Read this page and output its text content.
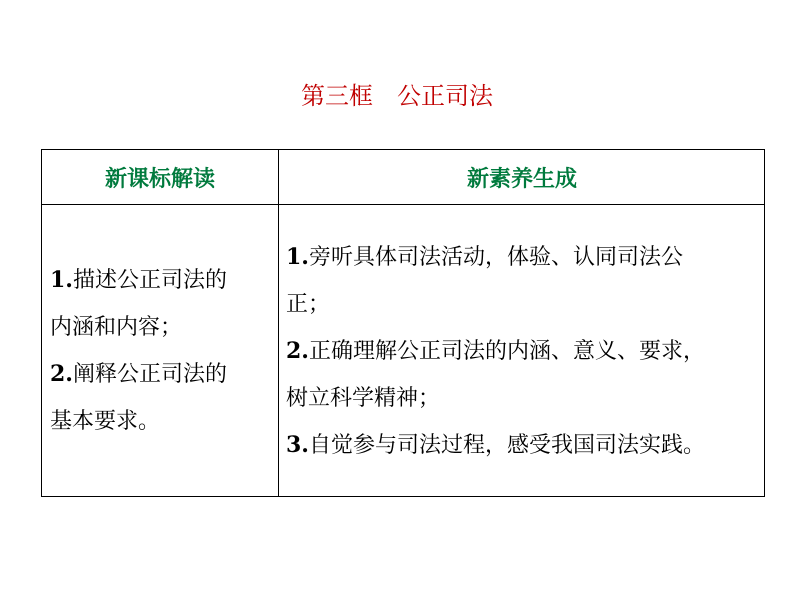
第三框　公正司法
新课标解读	新素养生成
1.描述公正司法的
内涵和内容；
2.阐释公正司法的
基本要求。
1.旁听具体司法活动，体验、认同司法公
正；
2.正确理解公正司法的内涵、意义、要求，
树立科学精神；
3.自觉参与司法过程，感受我国司法实践。
